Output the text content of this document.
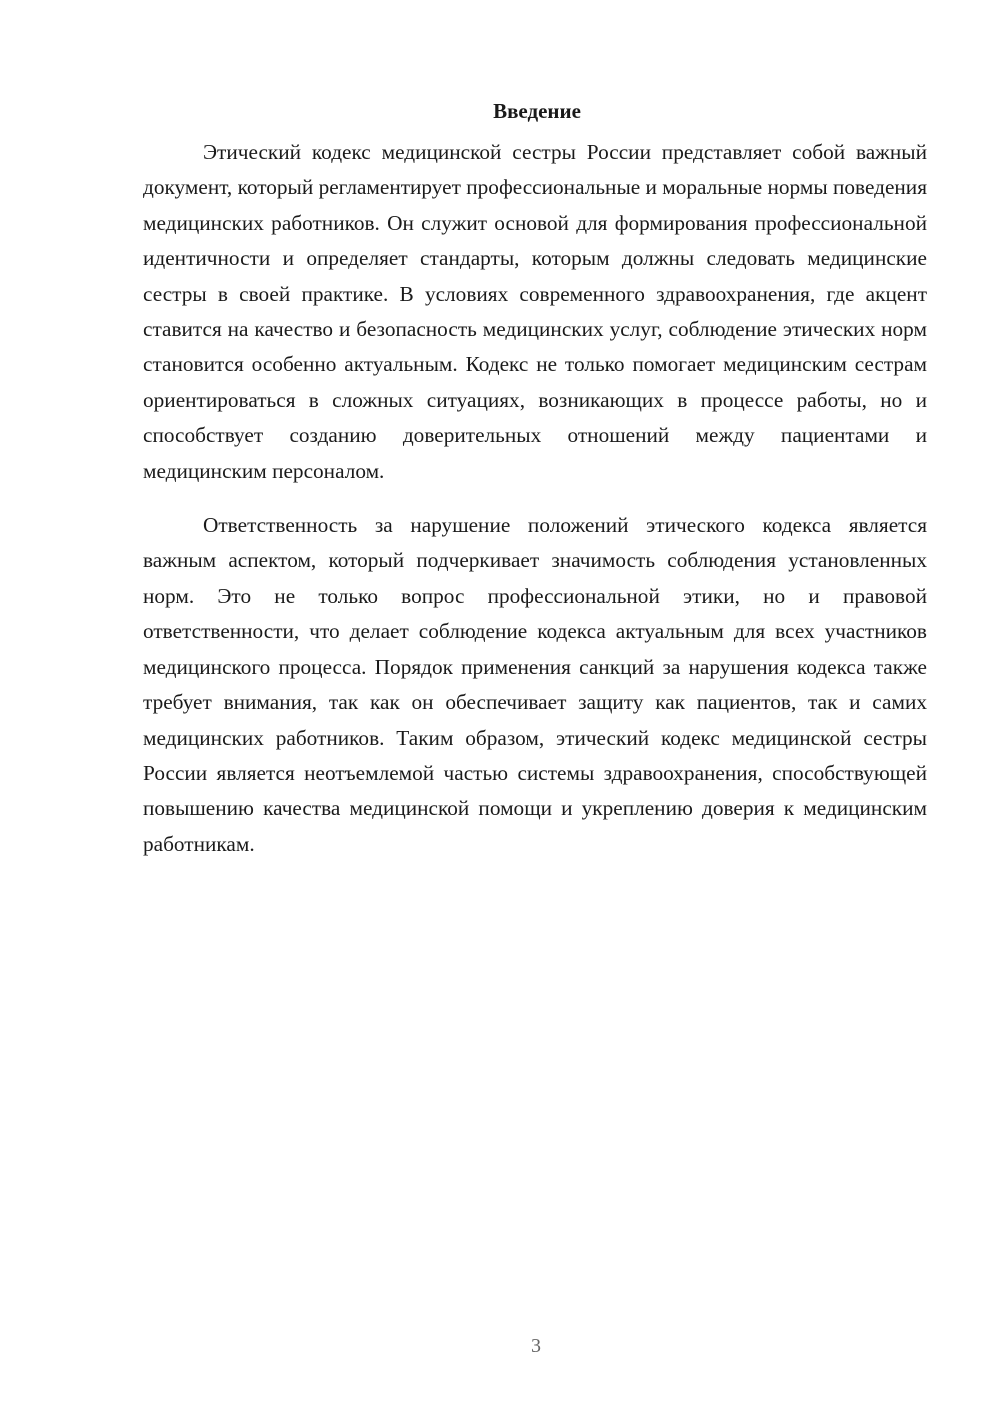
Введение

Этический кодекс медицинской сестры России представляет собой важный документ, который регламентирует профессиональные и моральные нормы поведения медицинских работников. Он служит основой для формирования профессиональной идентичности и определяет стандарты, которым должны следовать медицинские сестры в своей практике. В условиях современного здравоохранения, где акцент ставится на качество и безопасность медицинских услуг, соблюдение этических норм становится особенно актуальным. Кодекс не только помогает медицинским сестрам ориентироваться в сложных ситуациях, возникающих в процессе работы, но и способствует созданию доверительных отношений между пациентами и медицинским персоналом.

Ответственность за нарушение положений этического кодекса является важным аспектом, который подчеркивает значимость соблюдения установленных норм. Это не только вопрос профессиональной этики, но и правовой ответственности, что делает соблюдение кодекса актуальным для всех участников медицинского процесса. Порядок применения санкций за нарушения кодекса также требует внимания, так как он обеспечивает защиту как пациентов, так и самих медицинских работников. Таким образом, этический кодекс медицинской сестры России является неотъемлемой частью системы здравоохранения, способствующей повышению качества медицинской помощи и укреплению доверия к медицинским работникам.

3
